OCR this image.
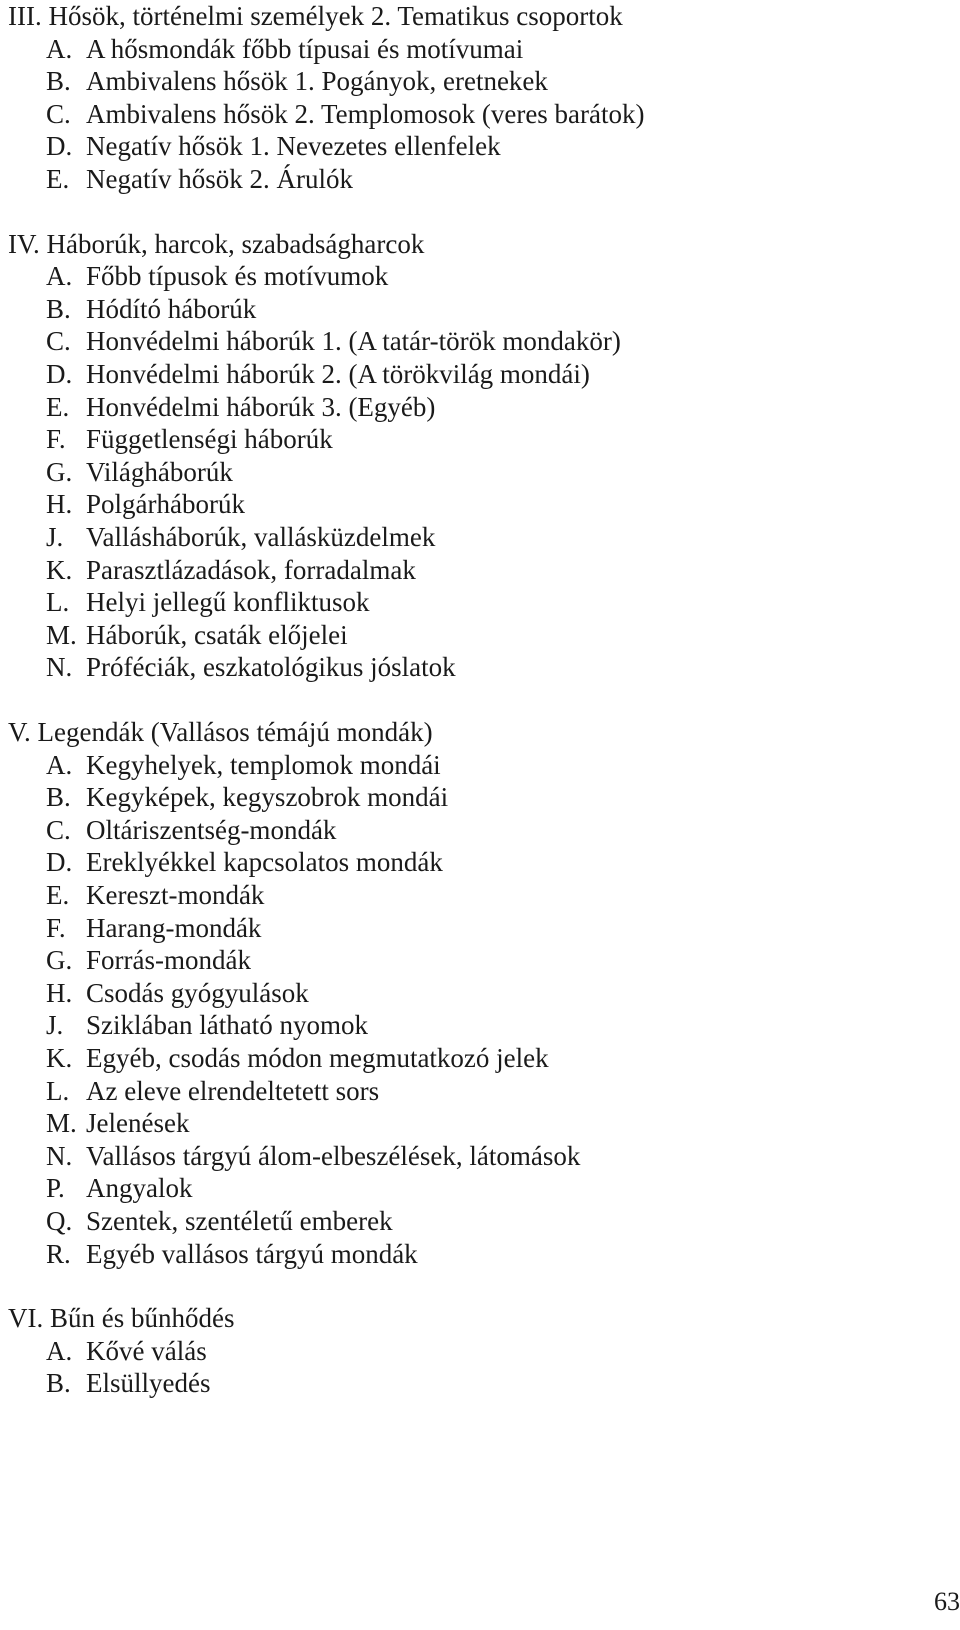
III. Hősök, történelmi személyek 2. Tematikus csoportok
A. A hősmondák főbb típusai és motívumai
B. Ambivalens hősök 1. Pogányok, eretnekek
C. Ambivalens hősök 2. Templomosok (veres barátok)
D. Negatív hősök 1. Nevezetes ellenfelek
E. Negatív hősök 2. Árulók
IV. Háborúk, harcok, szabadságharcok
A. Főbb típusok és motívumok
B. Hódító háborúk
C. Honvédelmi háborúk 1. (A tatár-török mondakör)
D. Honvédelmi háborúk 2. (A törökvilág mondái)
E. Honvédelmi háborúk 3. (Egyéb)
F. Függetlenségi háborúk
G. Világháborúk
H. Polgárháborúk
J. Vallásháborúk, vallásküzdelmek
K. Parasztlázadások, forradalmak
L. Helyi jellegű konfliktusok
M. Háborúk, csaták előjelei
N. Próféciák, eszkatológikus jóslatok
V. Legendák (Vallásos témájú mondák)
A. Kegyhelyek, templomok mondái
B. Kegyképek, kegyszobrok mondái
C. Oltáriszentség-mondák
D. Ereklyékkel kapcsolatos mondák
E. Kereszt-mondák
F. Harang-mondák
G. Forrás-mondák
H. Csodás gyógyulások
J. Sziklában látható nyomok
K. Egyéb, csodás módon megmutatkozó jelek
L. Az eleve elrendeltetett sors
M. Jelenések
N. Vallásos tárgyú álom-elbeszélések, látomások
P. Angyalok
Q. Szentek, szentéletű emberek
R. Egyéb vallásos tárgyú mondák
VI. Bűn és bűnhődés
A. Kővé válás
B. Elsüllyedés
63
